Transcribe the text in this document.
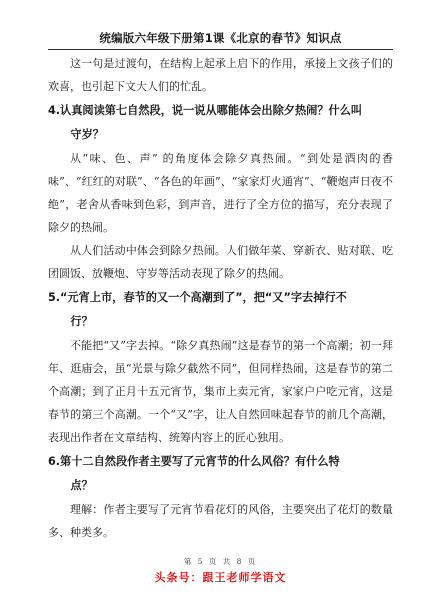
统编版六年级下册第1课《北京的春节》知识点

这一句是过渡句，在结构上起承上启下的作用，承接上文孩子们的欢喜，也引起下文大人们的忙乱。

4.认真阅读第七自然段，说一说从哪能体会出除夕热闹？什么叫
守岁？

从“味、色、声” 的角度体会除夕真热闹。“到处是酒肉的香味”、“红红的对联”、“各色的年画”、“家家灯火通宵”、“鞭炮声日夜不绝”，老舍从香味到色彩，到声音，进行了全方位的描写，充分表现了除夕的热闹。

从人们活动中体会到除夕热闹。人们做年菜、穿新衣、贴对联、吃团圆饭、放鞭炮、守岁等活动表现了除夕的热闹。

5.“元宵上市，春节的又一个高潮到了”，把“又”字去掉行不
行？

不能把“又”字去掉。“除夕真热闹”这是春节的第一个高潮；初一拜年、逛庙会，虽“光景与除夕截然不同”，但同样热闹，这是春节的第二个高潮；到了正月十五元宵节，集市上卖元宵，家家户户吃元宵，这是春节的第三个高潮。一个“又”字，让人自然回味起春节的前几个高潮，表现出作者在文章结构、统筹内容上的匠心独用。

6.第十二自然段作者主要写了元宵节的什么风俗？有什么特
点？

理解：作者主要写了元宵节看花灯的风俗，主要突出了花灯的数量多、种类多。

第 5 页 共 8 页
头条号：跟王老师学语文
